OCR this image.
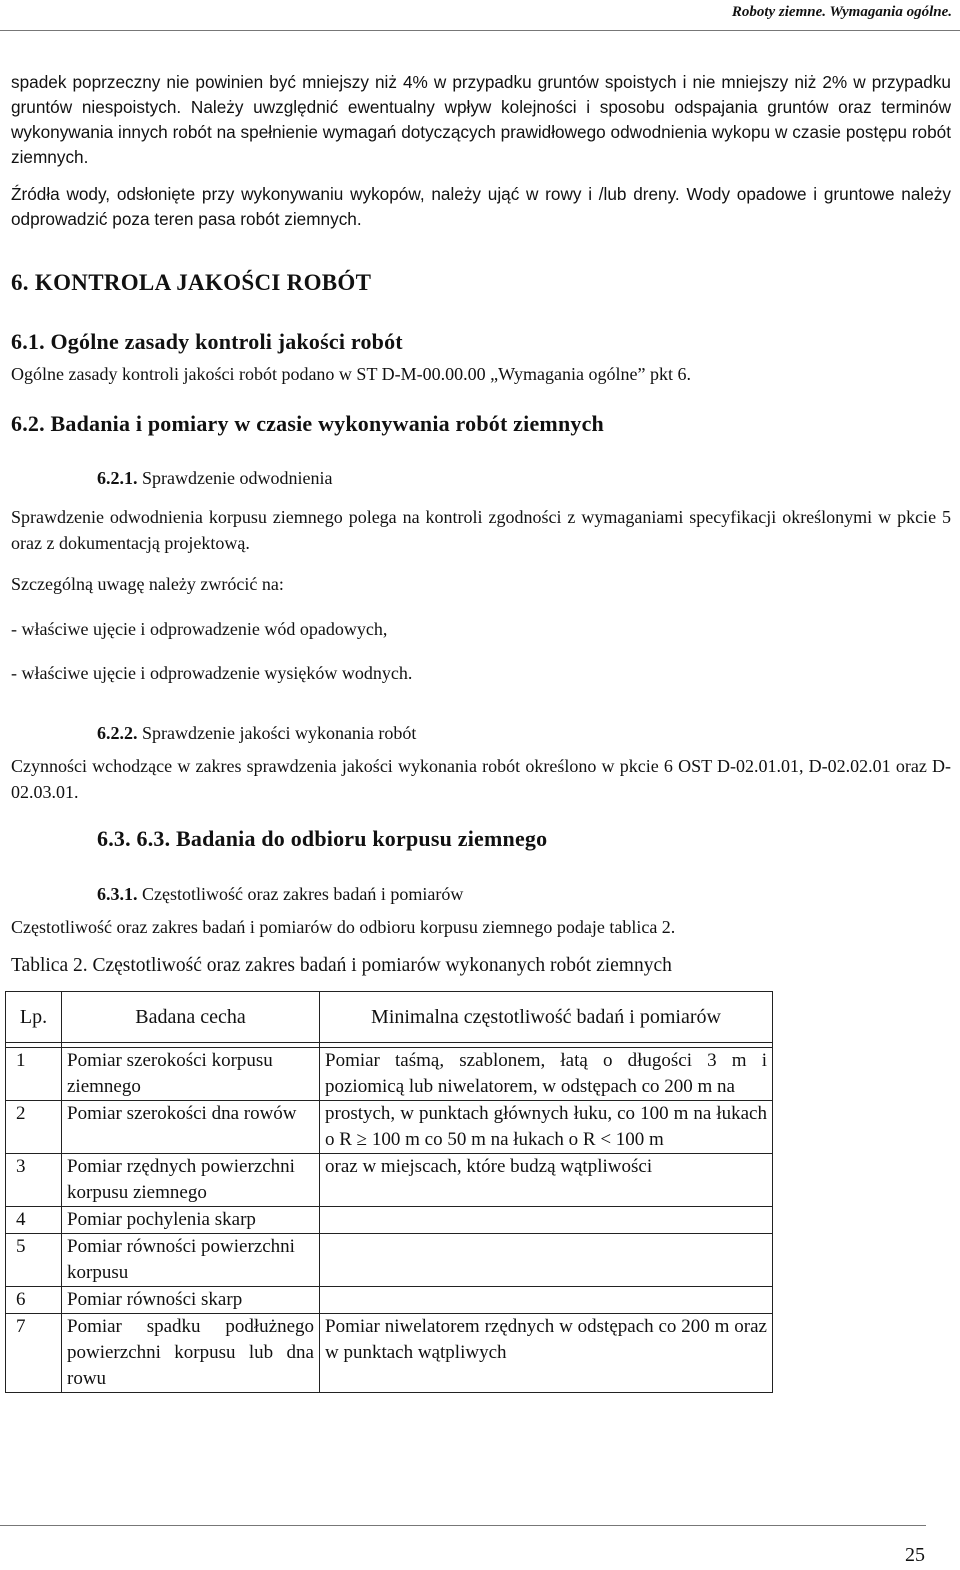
Roboty ziemne. Wymagania ogólne.
spadek poprzeczny nie powinien być mniejszy niż 4% w przypadku gruntów spoistych i nie mniejszy niż 2% w przypadku gruntów niespoistych. Należy uwzględnić ewentualny wpływ kolejności i sposobu odspajania gruntów oraz terminów wykonywania innych robót na spełnienie wymagań dotyczących prawidłowego odwodnienia wykopu w czasie postępu robót ziemnych.
Źródła wody, odsłonięte przy wykonywaniu wykopów, należy ująć w rowy i /lub dreny. Wody opadowe i gruntowe należy odprowadzić poza teren pasa robót ziemnych.
6. KONTROLA JAKOŚCI ROBÓT
6.1. Ogólne zasady kontroli jakości robót
Ogólne zasady kontroli jakości robót podano w ST D-M-00.00.00 „Wymagania ogólne” pkt 6.
6.2. Badania i pomiary w czasie wykonywania robót ziemnych
6.2.1. Sprawdzenie odwodnienia
Sprawdzenie odwodnienia korpusu ziemnego polega na kontroli zgodności z wymaganiami specyfikacji określonymi w pkcie 5 oraz z dokumentacją projektową.
Szczególną uwagę należy zwrócić na:
- właściwe ujęcie i odprowadzenie wód opadowych,
- właściwe ujęcie i odprowadzenie wysięków wodnych.
6.2.2. Sprawdzenie jakości wykonania robót
Czynności wchodzące w zakres sprawdzenia jakości wykonania robót określono w pkcie 6 OST D-02.01.01, D-02.02.01 oraz D-02.03.01.
6.3. 6.3. Badania do odbioru korpusu ziemnego
6.3.1. Częstotliwość oraz zakres badań i pomiarów
Częstotliwość oraz zakres badań i pomiarów do odbioru korpusu ziemnego podaje tablica 2.
Tablica 2. Częstotliwość oraz zakres badań i pomiarów wykonanych robót ziemnych
Lp.	Badana cecha	Minimalna częstotliwość badań i pomiarów

1	Pomiar szerokości korpusu ziemnego	Pomiar taśmą, szablonem, łatą o długości 3 m i poziomicą lub niwelatorem, w odstępach co 200 m na
2	Pomiar szerokości dna rowów	prostych, w punktach głównych łuku, co 100 m na łukach o R ≥ 100 m co 50 m na łukach o R < 100 m
3	Pomiar rzędnych powierzchni korpusu ziemnego	oraz w miejscach, które budzą wątpliwości
4	Pomiar pochylenia skarp	
5	Pomiar równości powierzchni korpusu	
6	Pomiar równości skarp	
7	Pomiar spadku podłużnego powierzchni korpusu lub dna rowu	Pomiar niwelatorem rzędnych w odstępach co 200 m oraz w punktach wątpliwych
25
